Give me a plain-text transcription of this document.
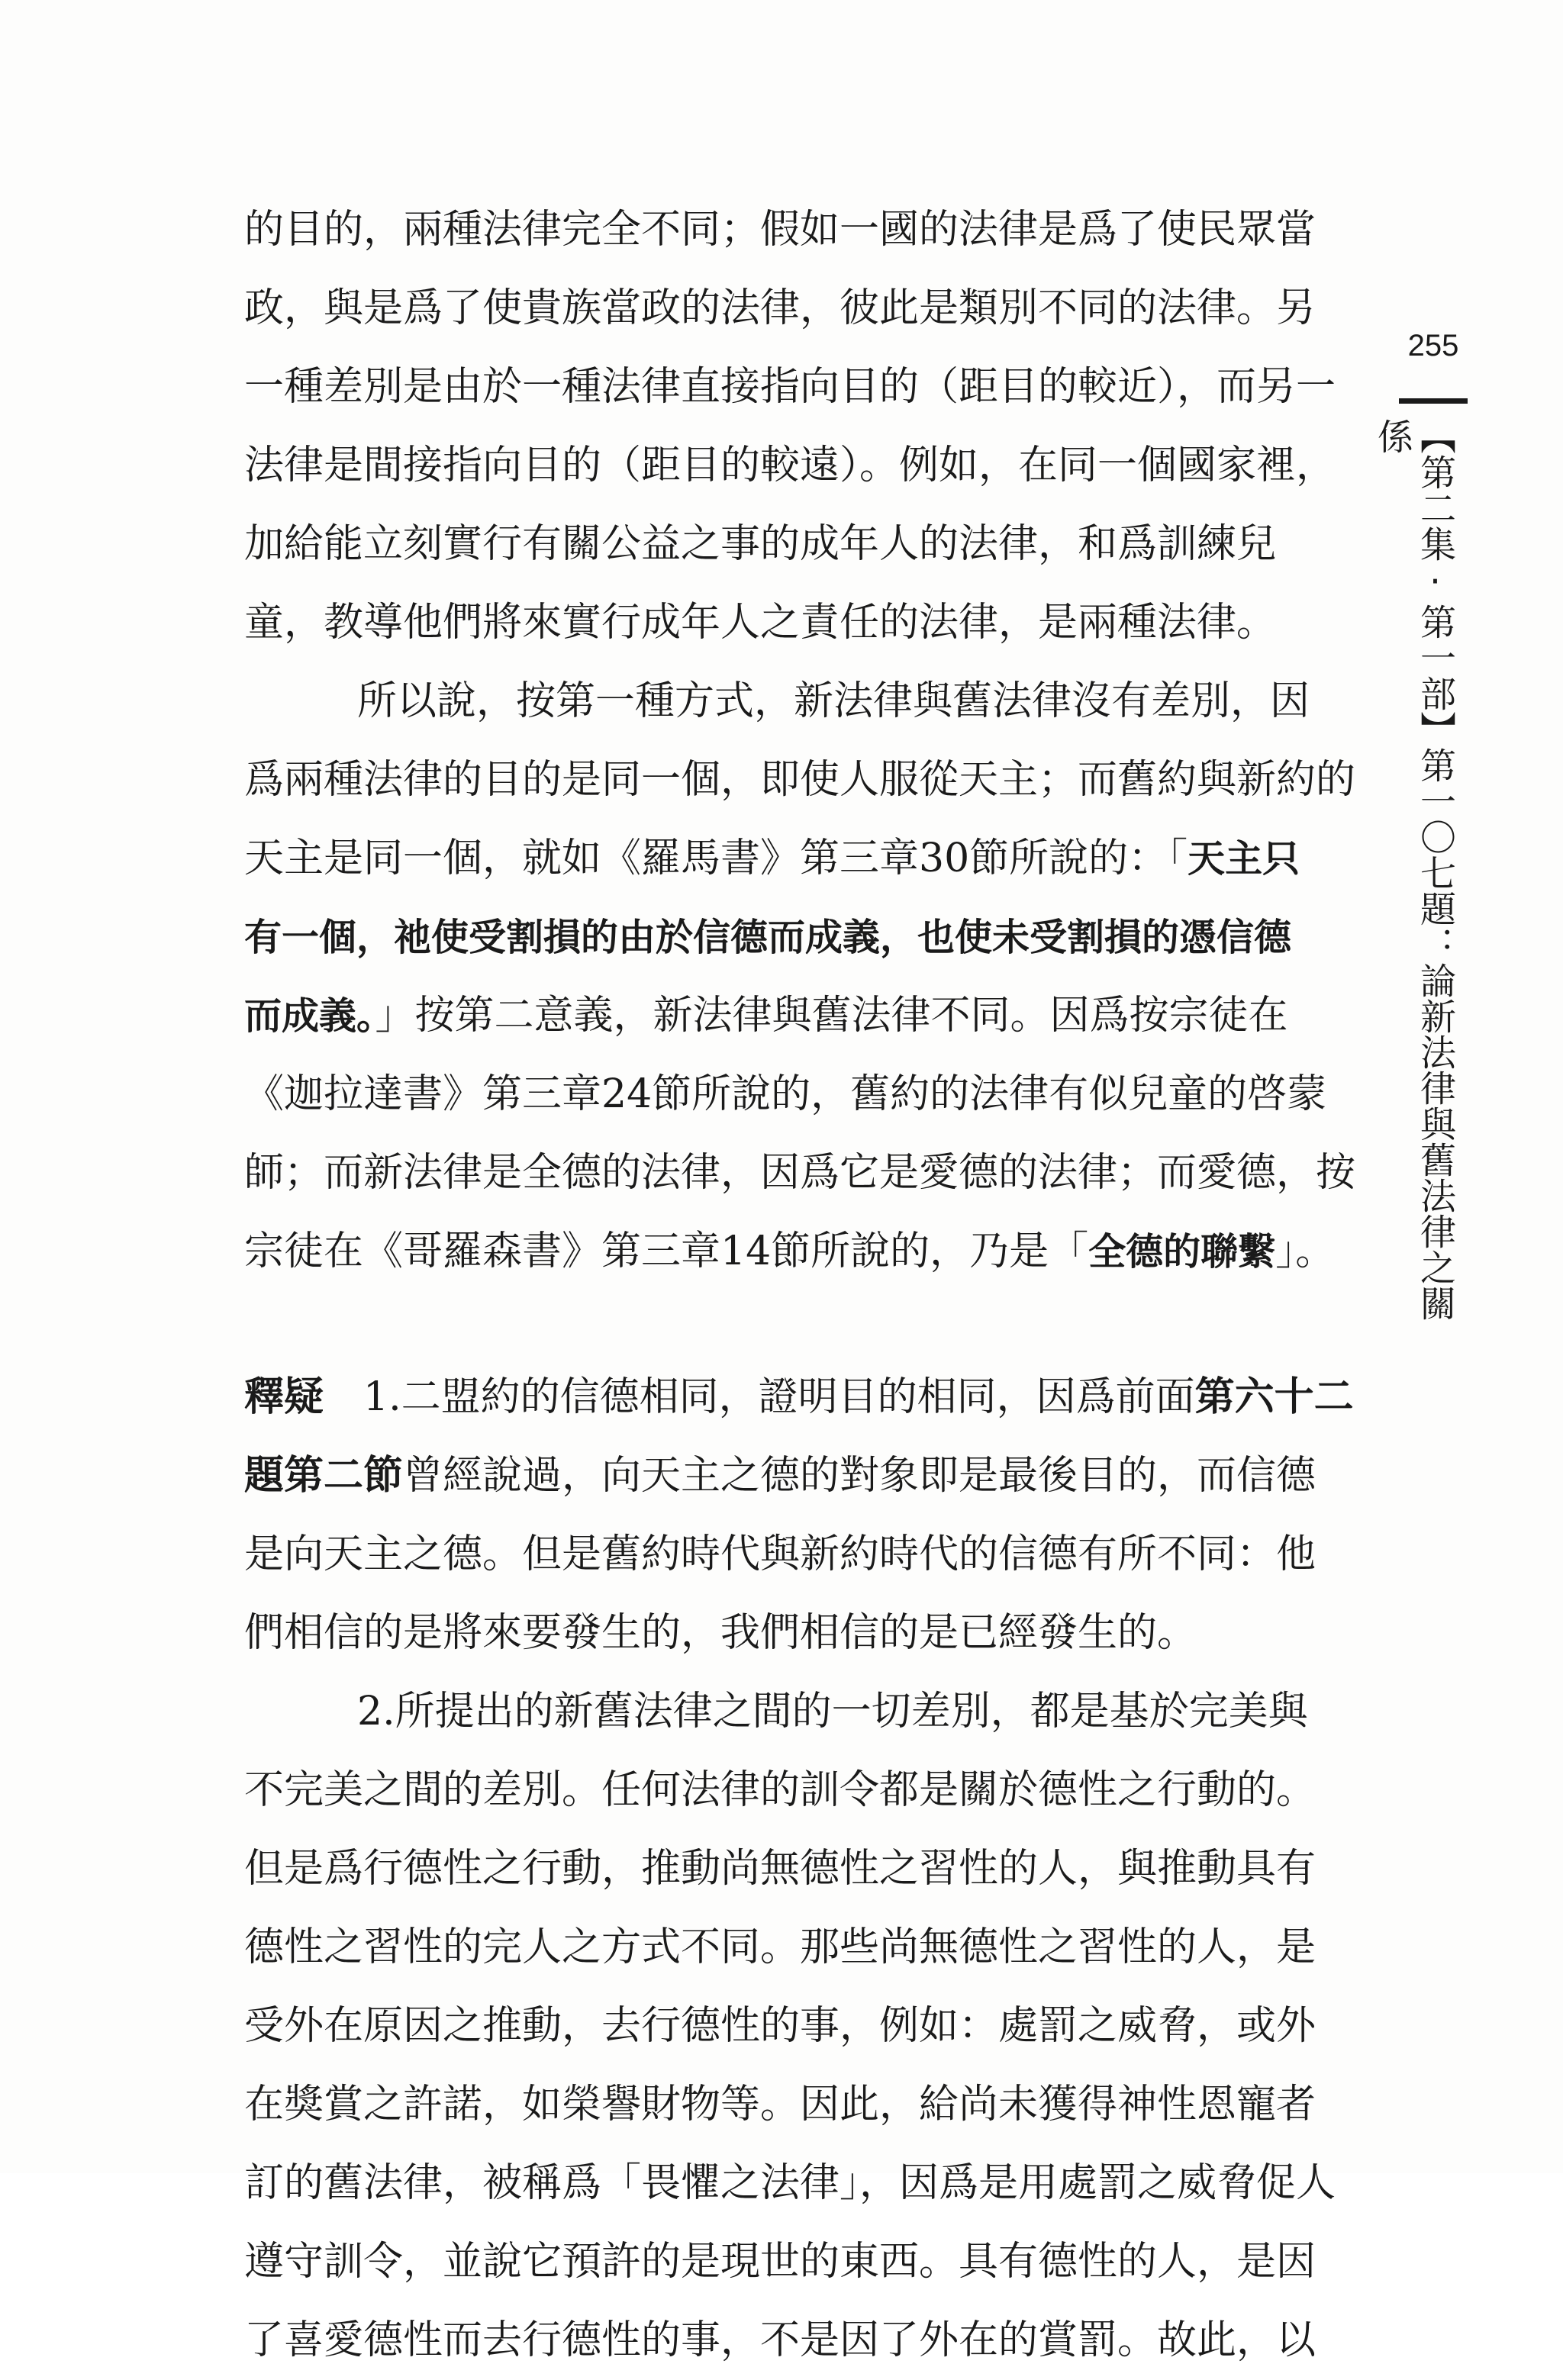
255
【第二集‧第一部】第一〇七題：論新法律與舊法律之關係
的目的，兩種法律完全不同；假如一國的法律是爲了使民眾當
政，與是爲了使貴族當政的法律，彼此是類別不同的法律。另
一種差別是由於一種法律直接指向目的（距目的較近），而另一
法律是間接指向目的（距目的較遠）。例如，在同一個國家裡，
加給能立刻實行有關公益之事的成年人的法律，和爲訓練兒
童，教導他們將來實行成年人之責任的法律，是兩種法律。
所以說，按第一種方式，新法律與舊法律沒有差別，因
爲兩種法律的目的是同一個，即使人服從天主；而舊約與新約的
天主是同一個，就如《羅馬書》第三章30節所說的：「天主只
有一個，祂使受割損的由於信德而成義，也使未受割損的憑信德
而成義。」按第二意義，新法律與舊法律不同。因爲按宗徒在
《迦拉達書》第三章24節所說的，舊約的法律有似兒童的啓蒙
師；而新法律是全德的法律，因爲它是愛德的法律；而愛德，按
宗徒在《哥羅森書》第三章14節所說的，乃是「全德的聯繫」。
釋疑　1.二盟約的信德相同，證明目的相同，因爲前面第六十二
題第二節曾經說過，向天主之德的對象即是最後目的，而信德
是向天主之德。但是舊約時代與新約時代的信德有所不同：他
們相信的是將來要發生的，我們相信的是已經發生的。
2.所提出的新舊法律之間的一切差別，都是基於完美與
不完美之間的差別。任何法律的訓令都是關於德性之行動的。
但是爲行德性之行動，推動尚無德性之習性的人，與推動具有
德性之習性的完人之方式不同。那些尚無德性之習性的人，是
受外在原因之推動，去行德性的事，例如：處罰之威脅，或外
在獎賞之許諾，如榮譽財物等。因此，給尚未獲得神性恩寵者
訂的舊法律，被稱爲「畏懼之法律」，因爲是用處罰之威脅促人
遵守訓令，並說它預許的是現世的東西。具有德性的人，是因
了喜愛德性而去行德性的事，不是因了外在的賞罰。故此，以
